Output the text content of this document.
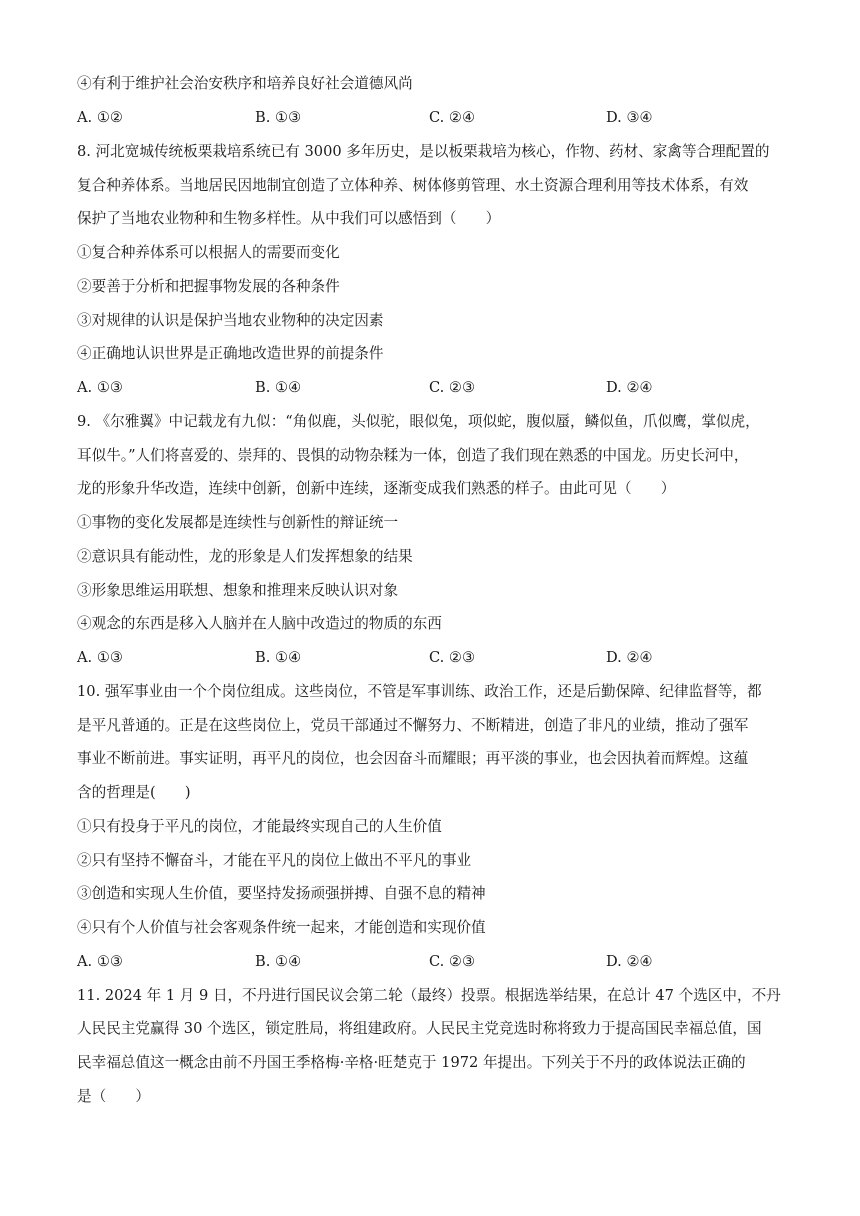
④有利于维护社会治安秩序和培养良好社会道德风尚
A. ①②	B. ①③	C. ②④	D. ③④
8. 河北宽城传统板栗栽培系统已有 3000 多年历史，是以板栗栽培为核心，作物、药材、家禽等合理配置的
复合种养体系。当地居民因地制宜创造了立体种养、树体修剪管理、水土资源合理利用等技术体系，有效
保护了当地农业物种和生物多样性。从中我们可以感悟到（　　）
①复合种养体系可以根据人的需要而变化
②要善于分析和把握事物发展的各种条件
③对规律的认识是保护当地农业物种的决定因素
④正确地认识世界是正确地改造世界的前提条件
A. ①③	B. ①④	C. ②③	D. ②④
9. 《尔雅翼》中记载龙有九似：“角似鹿，头似驼，眼似兔，项似蛇，腹似蜃，鳞似鱼，爪似鹰，掌似虎，
耳似牛。”人们将喜爱的、崇拜的、畏惧的动物杂糅为一体，创造了我们现在熟悉的中国龙。历史长河中，
龙的形象升华改造，连续中创新，创新中连续，逐渐变成我们熟悉的样子。由此可见（　　）
①事物的变化发展都是连续性与创新性的辩证统一
②意识具有能动性，龙的形象是人们发挥想象的结果
③形象思维运用联想、想象和推理来反映认识对象
④观念的东西是移入人脑并在人脑中改造过的物质的东西
A. ①③	B. ①④	C. ②③	D. ②④
10. 强军事业由一个个岗位组成。这些岗位，不管是军事训练、政治工作，还是后勤保障、纪律监督等，都
是平凡普通的。正是在这些岗位上，党员干部通过不懈努力、不断精进，创造了非凡的业绩，推动了强军
事业不断前进。事实证明，再平凡的岗位，也会因奋斗而耀眼；再平淡的事业，也会因执着而辉煌。这蕴
含的哲理是(　　)
①只有投身于平凡的岗位，才能最终实现自己的人生价值
②只有坚持不懈奋斗，才能在平凡的岗位上做出不平凡的事业
③创造和实现人生价值，要坚持发扬顽强拼搏、自强不息的精神
④只有个人价值与社会客观条件统一起来，才能创造和实现价值
A. ①③	B. ①④	C. ②③	D. ②④
11. 2024 年 1 月 9 日，不丹进行国民议会第二轮（最终）投票。根据选举结果，在总计 47 个选区中，不丹
人民民主党赢得 30 个选区，锁定胜局，将组建政府。人民民主党竞选时称将致力于提高国民幸福总值，国
民幸福总值这一概念由前不丹国王季格梅·辛格·旺楚克于 1972 年提出。下列关于不丹的政体说法正确的
是（　　）
